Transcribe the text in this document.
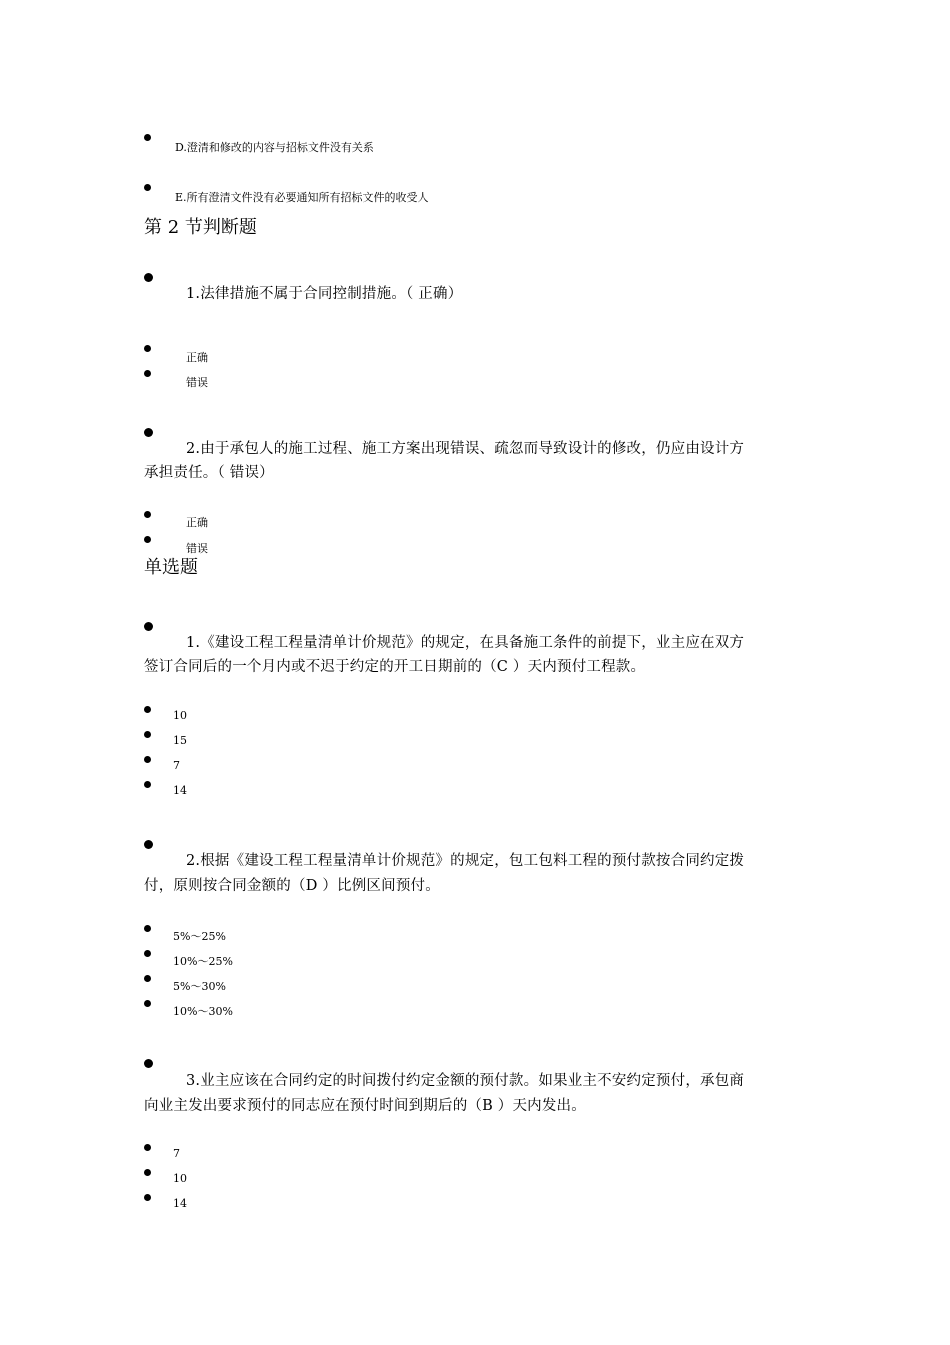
D.澄清和修改的内容与招标文件没有关系
E.所有澄清文件没有必要通知所有招标文件的收受人
第 2 节判断题
1.法律措施不属于合同控制措施。（ 正确）
正确
错误
2.由于承包人的施工过程、施工方案出现错误、疏忽而导致设计的修改，仍应由设计方
承担责任。（ 错误）
正确
错误
单选题
1.《建设工程工程量清单计价规范》的规定，在具备施工条件的前提下，业主应在双方
签订合同后的一个月内或不迟于约定的开工日期前的（C ）天内预付工程款。
10
15
7
14
2.根据《建设工程工程量清单计价规范》的规定，包工包料工程的预付款按合同约定拨
付，原则按合同金额的（D ）比例区间预付。
5%～25%
10%～25%
5%～30%
10%～30%
3.业主应该在合同约定的时间拨付约定金额的预付款。如果业主不安约定预付，承包商
向业主发出要求预付的同志应在预付时间到期后的（B ）天内发出。
7
10
14
